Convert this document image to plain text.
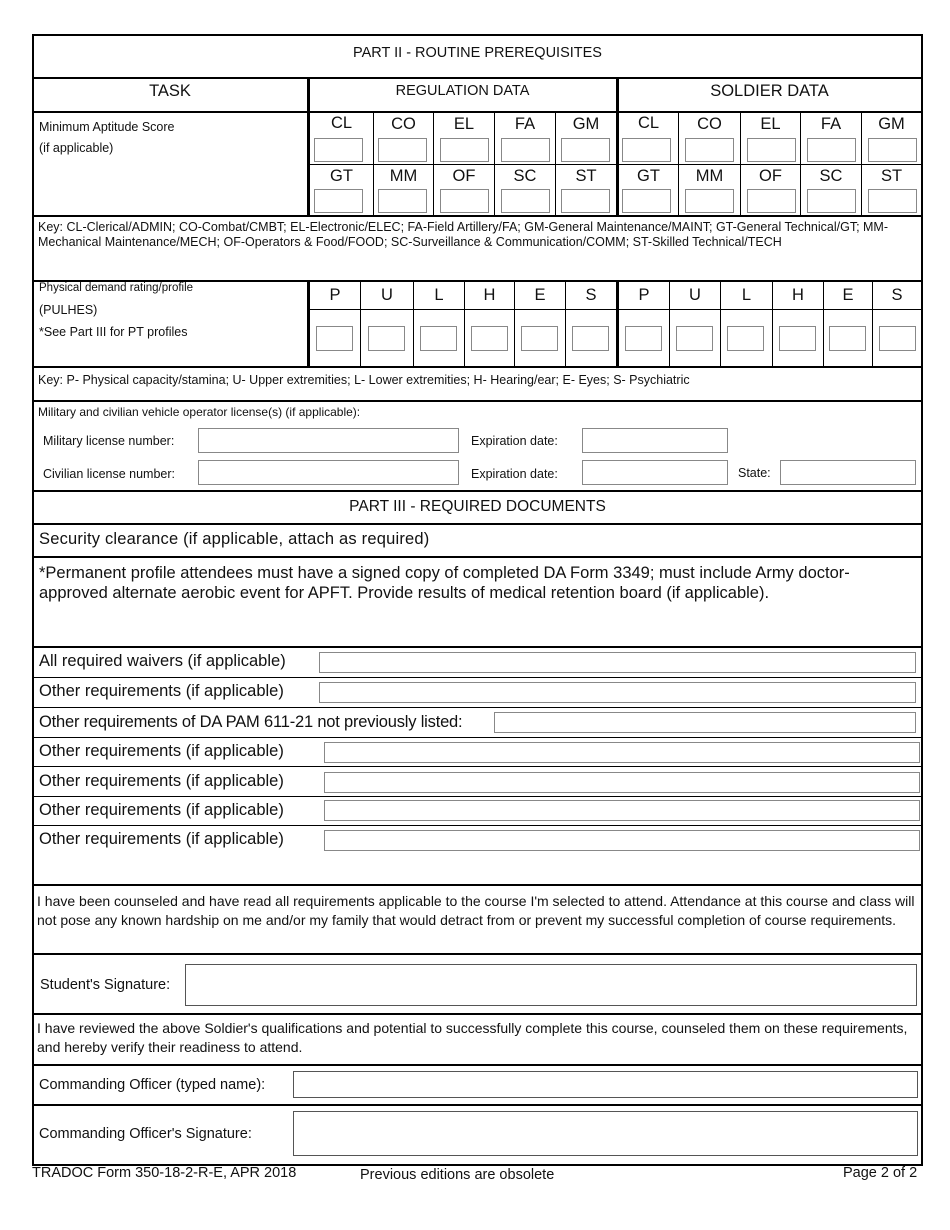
PART II - ROUTINE PREREQUISITES
TASK	REGULATION DATA	SOLDIER DATA
Minimum Aptitude Score
(if applicable)
CL	CO	EL	FA	GM	CL	CO	EL	FA	GM
GT	MM	OF	SC	ST	GT	MM	OF	SC	ST
Key: CL-Clerical/ADMIN; CO-Combat/CMBT; EL-Electronic/ELEC; FA-Field Artillery/FA; GM-General Maintenance/MAINT; GT-General Technical/GT; MM-Mechanical Maintenance/MECH; OF-Operators & Food/FOOD; SC-Surveillance & Communication/COMM; ST-Skilled Technical/TECH
Physical demand rating/profile
(PULHES)
*See Part III for PT profiles
P	U	L	H	E	S	P	U	L	H	E	S
Key: P- Physical capacity/stamina; U- Upper extremities; L- Lower extremities; H- Hearing/ear; E- Eyes; S- Psychiatric
Military and civilian vehicle operator license(s) (if applicable):
Military license number:	Expiration date:
Civilian license number:	Expiration date:	State:
PART III - REQUIRED DOCUMENTS
Security clearance (if applicable, attach as required)
*Permanent profile attendees must have a signed copy of completed DA Form 3349; must include Army doctor-approved alternate aerobic event for APFT. Provide results of medical retention board (if applicable).
All required waivers (if applicable)
Other requirements (if applicable)
Other requirements of DA PAM 611-21 not previously listed:
Other requirements (if applicable)
Other requirements (if applicable)
Other requirements (if applicable)
Other requirements (if applicable)
I have been counseled and have read all requirements applicable to the course I'm selected to attend. Attendance at this course and class will not pose any known hardship on me and/or my family that would detract from or prevent my successful completion of course requirements.
Student's Signature:
I have reviewed the above Soldier's qualifications and potential to successfully complete this course, counseled them on these requirements, and hereby verify their readiness to attend.
Commanding Officer (typed name):
Commanding Officer's Signature:
TRADOC Form 350-18-2-R-E, APR 2018	Previous editions are obsolete	Page 2 of 2
